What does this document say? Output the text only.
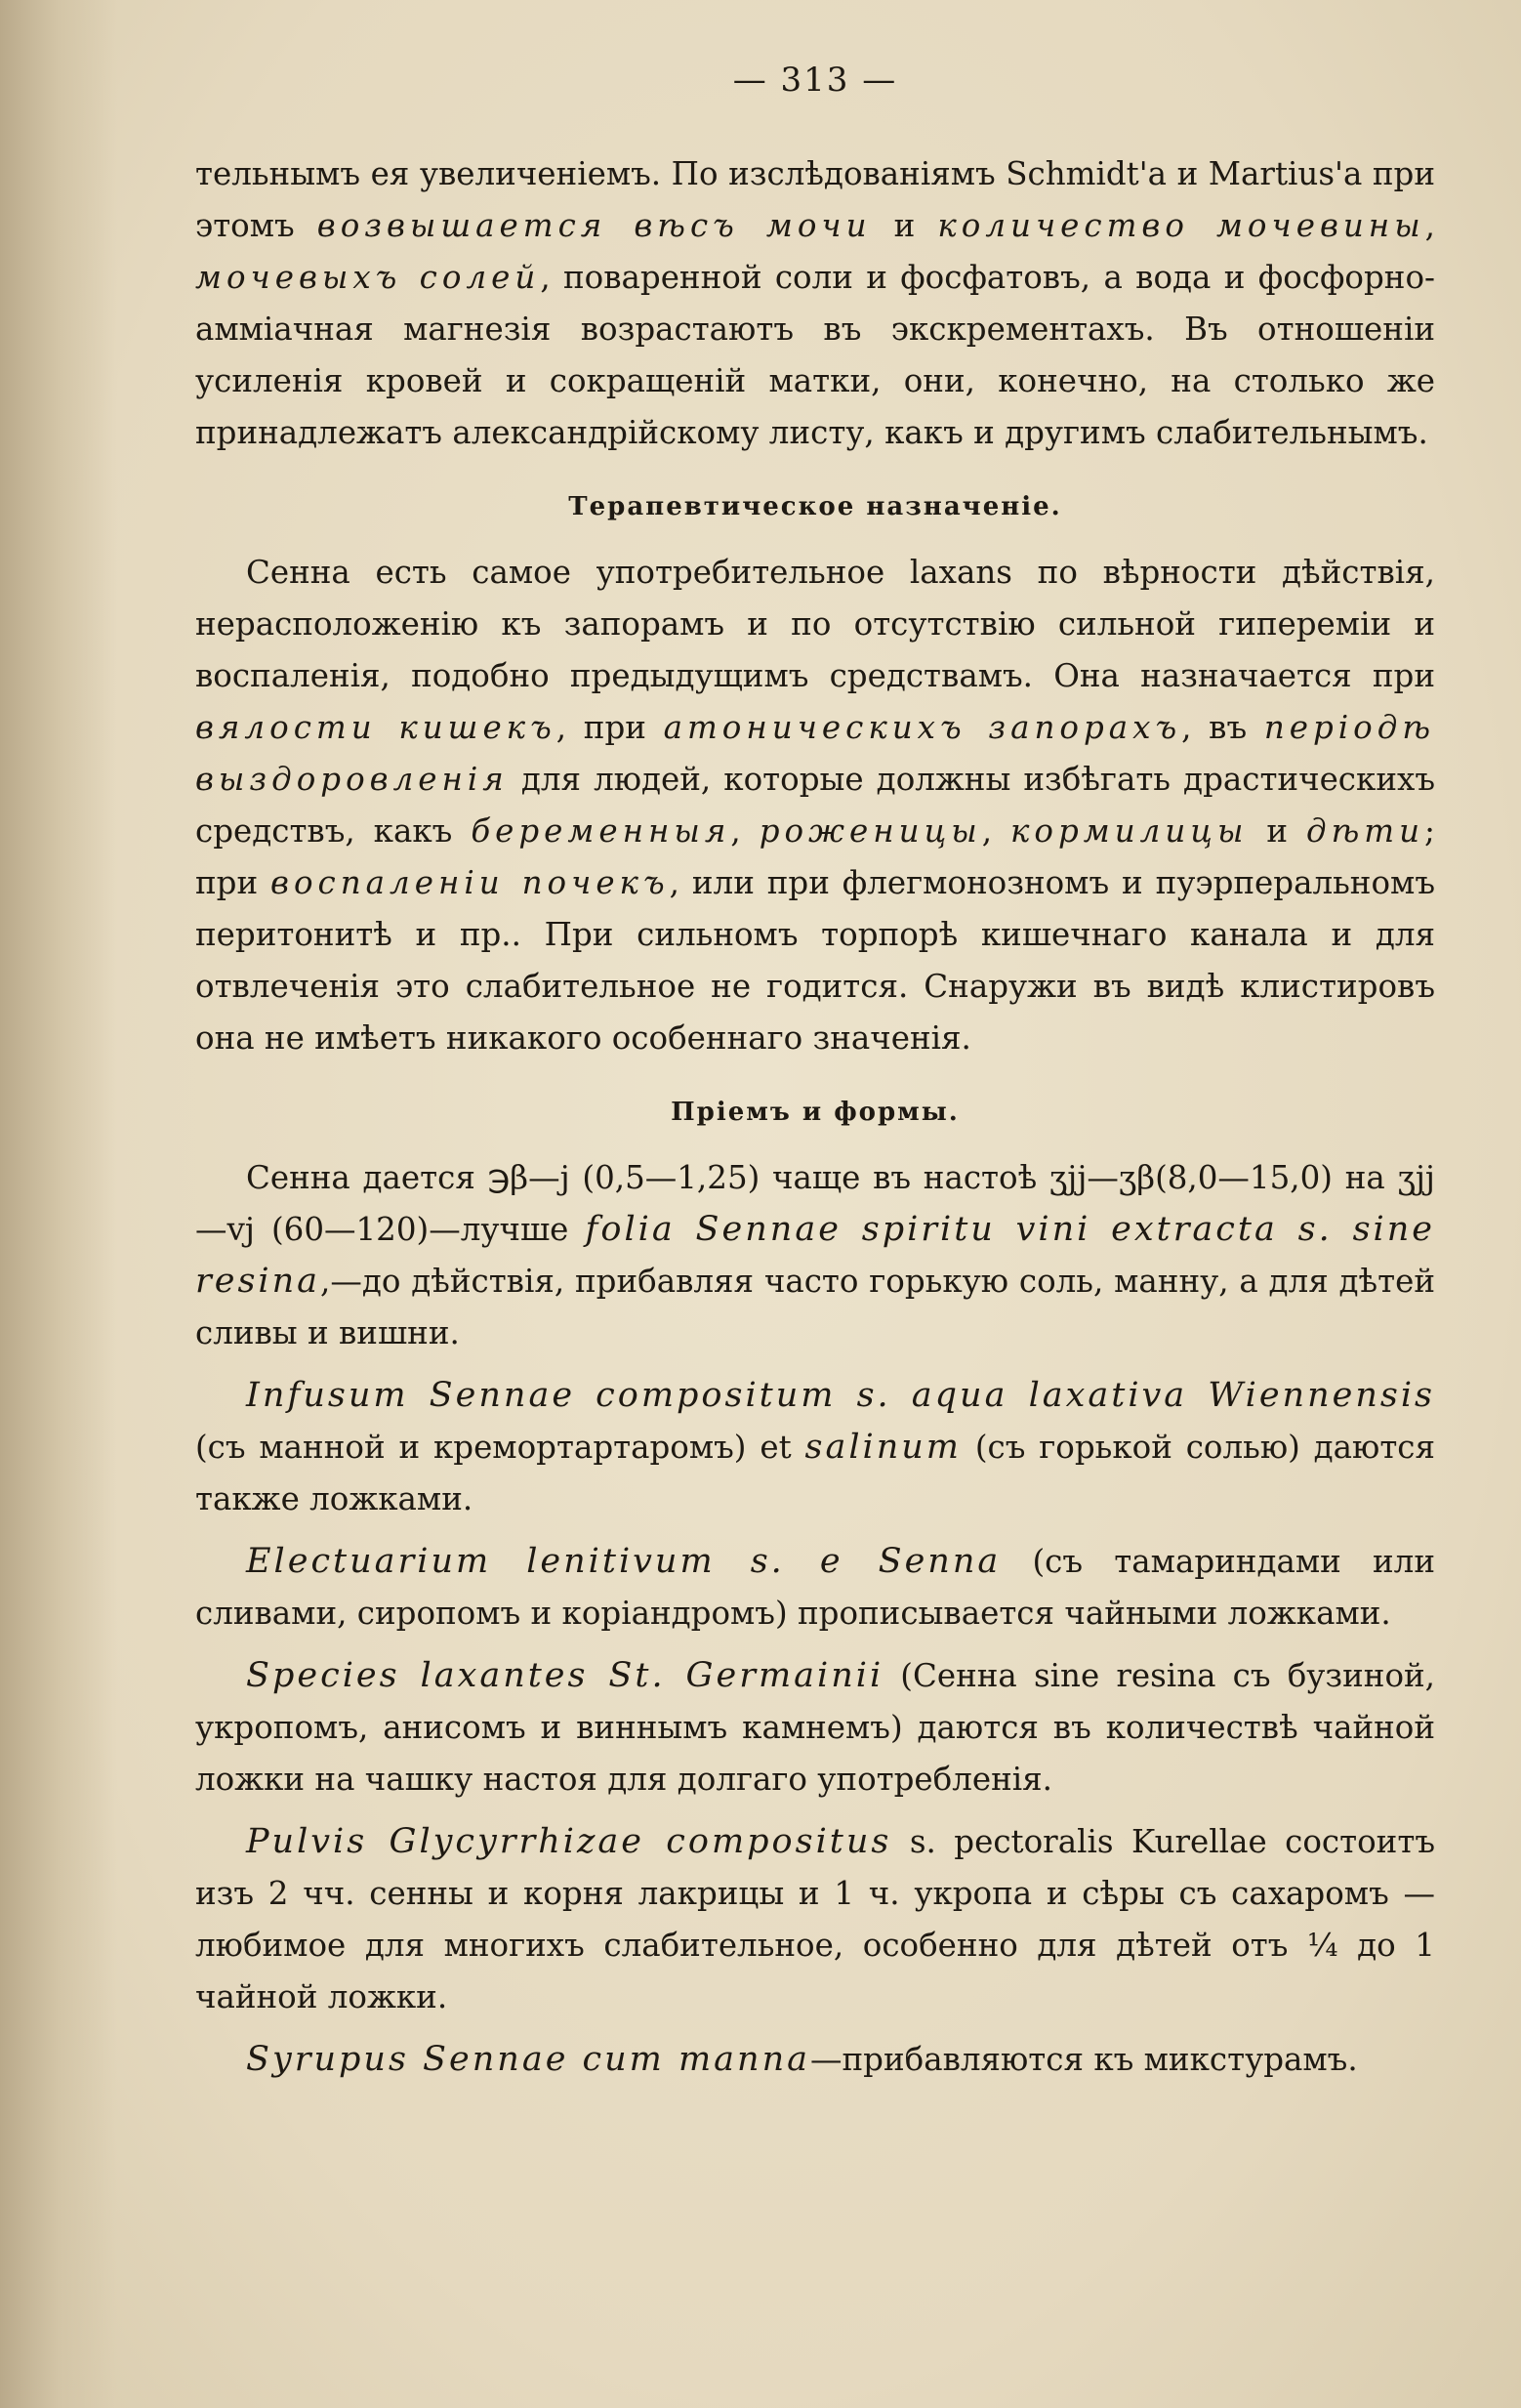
— 313 —

тельнымъ ея увеличеніемъ. По изслѣдованіямъ Schmidt'a и Martius'a при этомъ возвышается вѣсъ мочи и количество мочевины, мочевыхъ солей, поваренной соли и фосфатовъ, а вода и фосфорно-амміачная магнезія возрастаютъ въ экскрементахъ. Въ отношеніи усиленія кровей и сокращеній матки, они, конечно, на столько же принадлежатъ александрійскому листу, какъ и другимъ слабительнымъ.

Терапевтическое назначеніе.

Сенна есть самое употребительное laxans по вѣрности дѣйствія, нерасположенію къ запорамъ и по отсутствію сильной гипереміи и воспаленія, подобно предыдущимъ средствамъ. Она назначается при вялости кишекъ, при атоническихъ запорахъ, въ періодѣ выздоровленія для людей, которые должны избѣгать драстическихъ средствъ, какъ беременныя, роженицы, кормилицы и дѣти; при воспаленіи почекъ, или при флегмонозномъ и пуэрперальномъ перитонитѣ и пр.. При сильномъ торпорѣ кишечнаго канала и для отвлеченія это слабительное не годится. Снаружи въ видѣ клистировъ она не имѣетъ никакого особеннаго значенія.

Пріемъ и формы.

Сенна дается ℈β—j (0,5—1,25) чаще въ настоѣ ʒjj—ʒβ(8,0—15,0) на ʒjj—vj (60—120)—лучше folia Sennae spiritu vini extracta s. sine resina,—до дѣйствія, прибавляя часто горькую соль, манну, а для дѣтей сливы и вишни.

Infusum Sennae compositum s. aqua laxativa Wiennensis (съ манной и кремортартаромъ) et salinum (съ горькой солью) даются также ложками.

Electuarium lenitivum s. e Senna (съ тамариндами или сливами, сиропомъ и коріандромъ) прописывается чайными ложками.

Species laxantes St. Germainii (Сенна sine resina съ бузиной, укропомъ, анисомъ и виннымъ камнемъ) даются въ количествѣ чайной ложки на чашку настоя для долгаго употребленія.

Pulvis Glycyrrhizae compositus s. pectoralis Kurellae состоитъ изъ 2 чч. сенны и корня лакрицы и 1 ч. укропа и сѣры съ сахаромъ — любимое для многихъ слабительное, особенно для дѣтей отъ ¼ до 1 чайной ложки.

Syrupus Sennae cum manna—прибавляются къ микстурамъ.
